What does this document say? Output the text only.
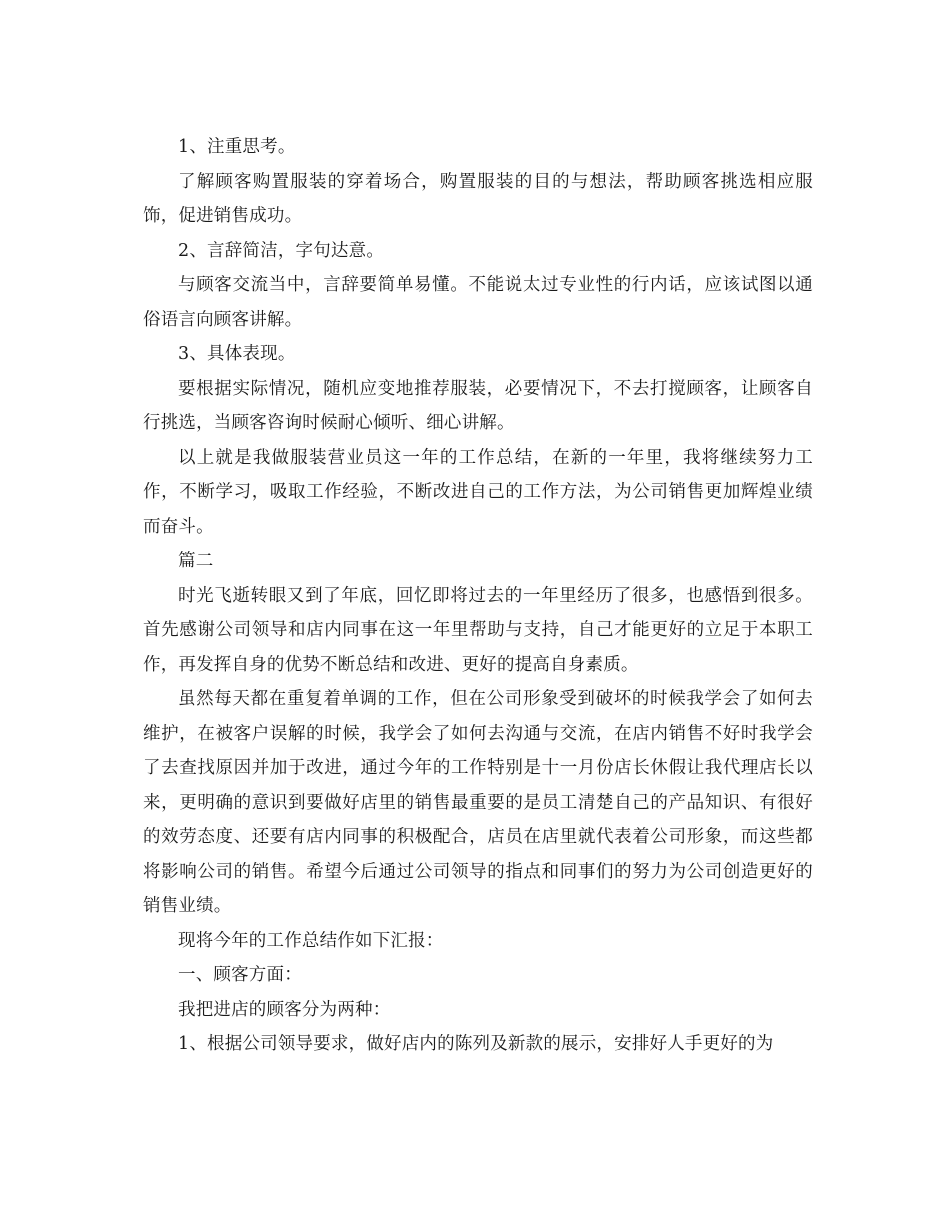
1、注重思考。

了解顾客购置服装的穿着场合，购置服装的目的与想法，帮助顾客挑选相应服饰，促进销售成功。

2、言辞简洁，字句达意。

与顾客交流当中，言辞要简单易懂。不能说太过专业性的行内话，应该试图以通俗语言向顾客讲解。

3、具体表现。

要根据实际情况，随机应变地推荐服装，必要情况下，不去打搅顾客，让顾客自行挑选，当顾客咨询时候耐心倾听、细心讲解。

以上就是我做服装营业员这一年的工作总结，在新的一年里，我将继续努力工作，不断学习，吸取工作经验，不断改进自己的工作方法，为公司销售更加辉煌业绩而奋斗。

篇二

时光飞逝转眼又到了年底，回忆即将过去的一年里经历了很多，也感悟到很多。首先感谢公司领导和店内同事在这一年里帮助与支持，自己才能更好的立足于本职工作，再发挥自身的优势不断总结和改进、更好的提高自身素质。

虽然每天都在重复着单调的工作，但在公司形象受到破坏的时候我学会了如何去维护，在被客户误解的时候，我学会了如何去沟通与交流，在店内销售不好时我学会了去查找原因并加于改进，通过今年的工作特别是十一月份店长休假让我代理店长以来，更明确的意识到要做好店里的销售最重要的是员工清楚自己的产品知识、有很好的效劳态度、还要有店内同事的积极配合，店员在店里就代表着公司形象，而这些都将影响公司的销售。希望今后通过公司领导的指点和同事们的努力为公司创造更好的销售业绩。

现将今年的工作总结作如下汇报：

一、顾客方面：

我把进店的顾客分为两种：

1、根据公司领导要求，做好店内的陈列及新款的展示，安排好人手更好的为
